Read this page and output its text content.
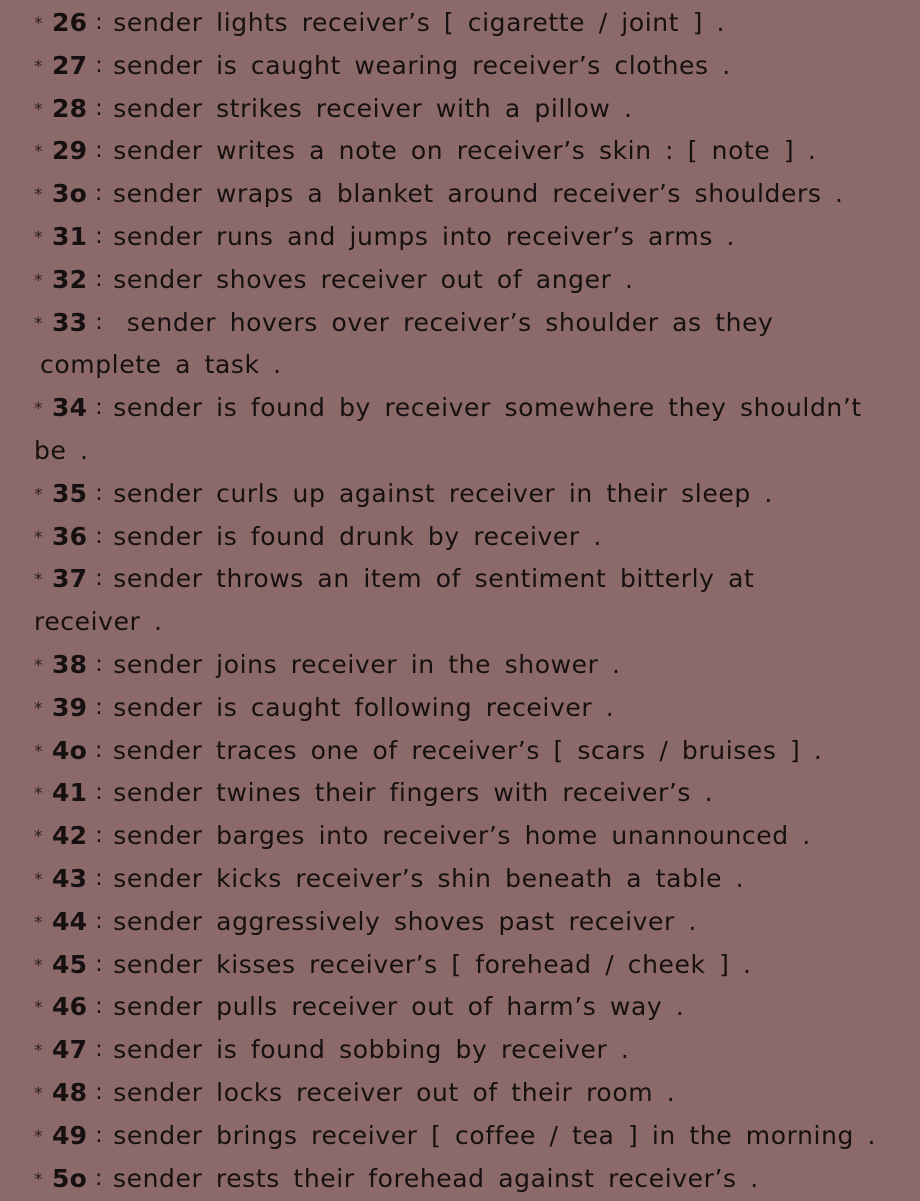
* 26 : sender lights receiver’s [ cigarette / joint ] .
* 27 : sender is caught wearing receiver’s clothes .
* 28 : sender strikes receiver with a pillow .
* 29 : sender writes a note on receiver’s skin : [ note ] .
* 3o : sender wraps a blanket around receiver’s shoulders .
* 31 : sender runs and jumps into receiver’s arms .
* 32 : sender shoves receiver out of anger .
* 33 : sender hovers over receiver’s shoulder as they
complete a task .
* 34 : sender is found by receiver somewhere they shouldn’t
be .
* 35 : sender curls up against receiver in their sleep .
* 36 : sender is found drunk by receiver .
* 37 : sender throws an item of sentiment bitterly at
receiver .
* 38 : sender joins receiver in the shower .
* 39 : sender is caught following receiver .
* 4o : sender traces one of receiver’s [ scars / bruises ] .
* 41 : sender twines their fingers with receiver’s .
* 42 : sender barges into receiver’s home unannounced .
* 43 : sender kicks receiver’s shin beneath a table .
* 44 : sender aggressively shoves past receiver .
* 45 : sender kisses receiver’s [ forehead / cheek ] .
* 46 : sender pulls receiver out of harm’s way .
* 47 : sender is found sobbing by receiver .
* 48 : sender locks receiver out of their room .
* 49 : sender brings receiver [ coffee / tea ] in the morning .
* 5o : sender rests their forehead against receiver’s .
